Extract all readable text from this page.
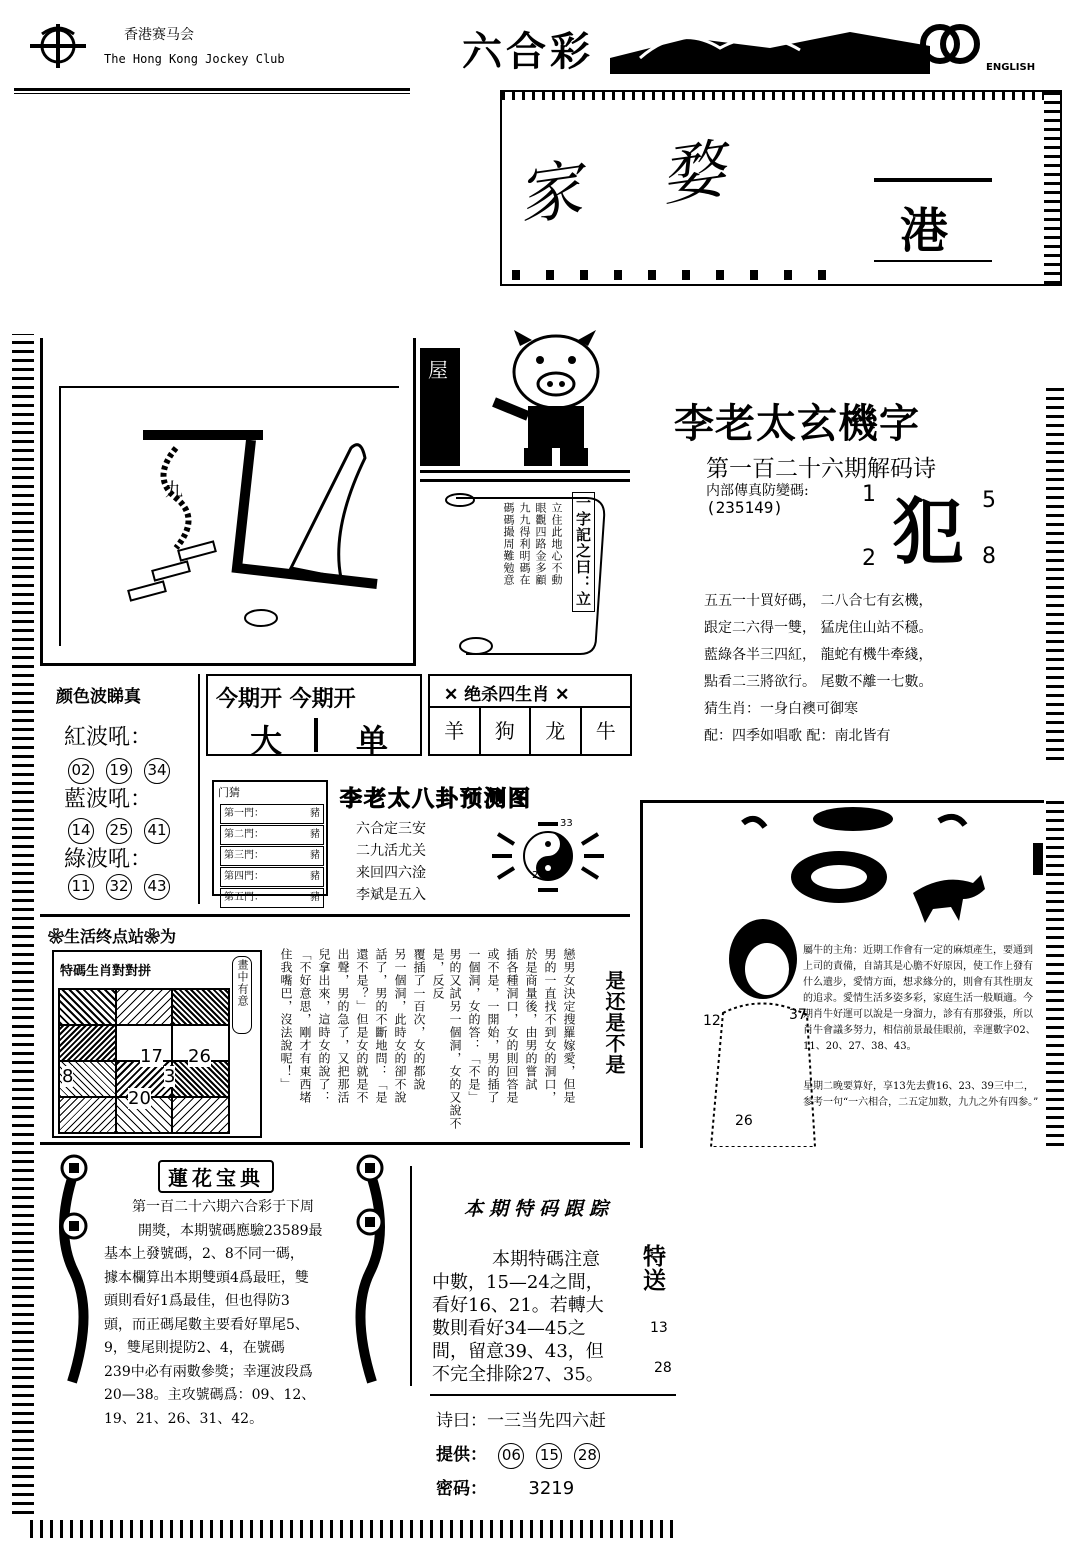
香港赛马会
The Hong Kong Jockey Club	六合彩	ENGLISH
家 婺	港
九
屋
李老太玄機字
第一百二十六期解码诗
内部傳真防變碼:
(235149) 犯
1	5
2	8
五五一十買好碼， 二八合七有玄機，
跟定二六得一雙， 猛虎住山站不穩。
藍綠各半三四紅， 龍蛇有機牛牽綫，
點看二三將欲行。 尾數不離一七數。
猜生肖：一身白襖可御寒
配：四季如唱歌 配：南北皆有
一字記之曰：立
立住此地心不動
眼觀四路金多顧
九九得利明碼在
碼碼撮周難勉意
颜色波睇真
紅波吼：
02 19 34
藍波吼：
14 25 41
綠波吼：
11 32 43
今期开 今期开
大 单
✕ 绝杀四生肖 ✕
羊	狗	龙	牛
门猜
第一門：	豬
第二門：	豬
第三門：	豬
第四門：	豬
第五門：	豬
李老太八卦预测图
六合定三安
二九活尤关
来回四六淦
李斌是五入
33
26
12	37
26
屬牛的主角：近期工作會有一定的麻煩產生，要通到上司的責備，自請其是心膽不好原因，使工作上發有什么遺步，愛情方面，想求緣分的，則會有其性朋友的追求。愛情生活多姿多彩，家庭生活一般順適。今期肖牛好運可以說是一身溜力，診有有那發張，所以肖牛會議多努力，相信前景最佳眼前，幸運數字02、11、20、27、38、43。
星期二晚要算好，享13先去費16、23、39三中二，参考一句“一六相合，二五定加数，九九之外有四参。”
❀生活终点站❀为
特碼生肖對對拼	畫中有意
17 26
8	3
20	戀男女決定搜羅嫁愛，但是
男的一直找不到女的洞口，
於是商量後，由男的嘗試
插各種洞口，女的則回答是
或不是，一開始，男的插了
一個洞，女的答：「不是」
男的又試另一個洞，女的又說不是，反反
覆插了一百次，女的都說
另一個洞，此時女的卻不說
話了，男的不斷地問：「是
還不是？」但是女的就是不
出聲，男的急了，又把那活
兒拿出來，這時女的說了：
「不好意思，剛才有東西堵
住我嘴巴，沒法說呢！」	是还是不是
蓮花宝典
第一百二十六期六合彩于下周
開獎，本期號碼應驗23589最
基本上發號碼，2、8不同一碼，
據本欄算出本期雙頭4爲最旺，雙
頭則看好1爲最佳，但也得防3
頭，而正碼尾數主要看好單尾5、
9，雙尾則提防2、4，在號碼
239中必有兩數參獎；幸運波段爲
20—38。主攻號碼爲：09、12、
19、21、26、31、42。
本期特码跟踪
本期特碼注意
中數，15—24之間，
看好16、21。若轉大
數則看好34—45之
間，留意39、43，但
不完全排除27、35。
特送
13
28
诗曰：一三当先四六赶
提供： 06 15 28
密码： 3219
